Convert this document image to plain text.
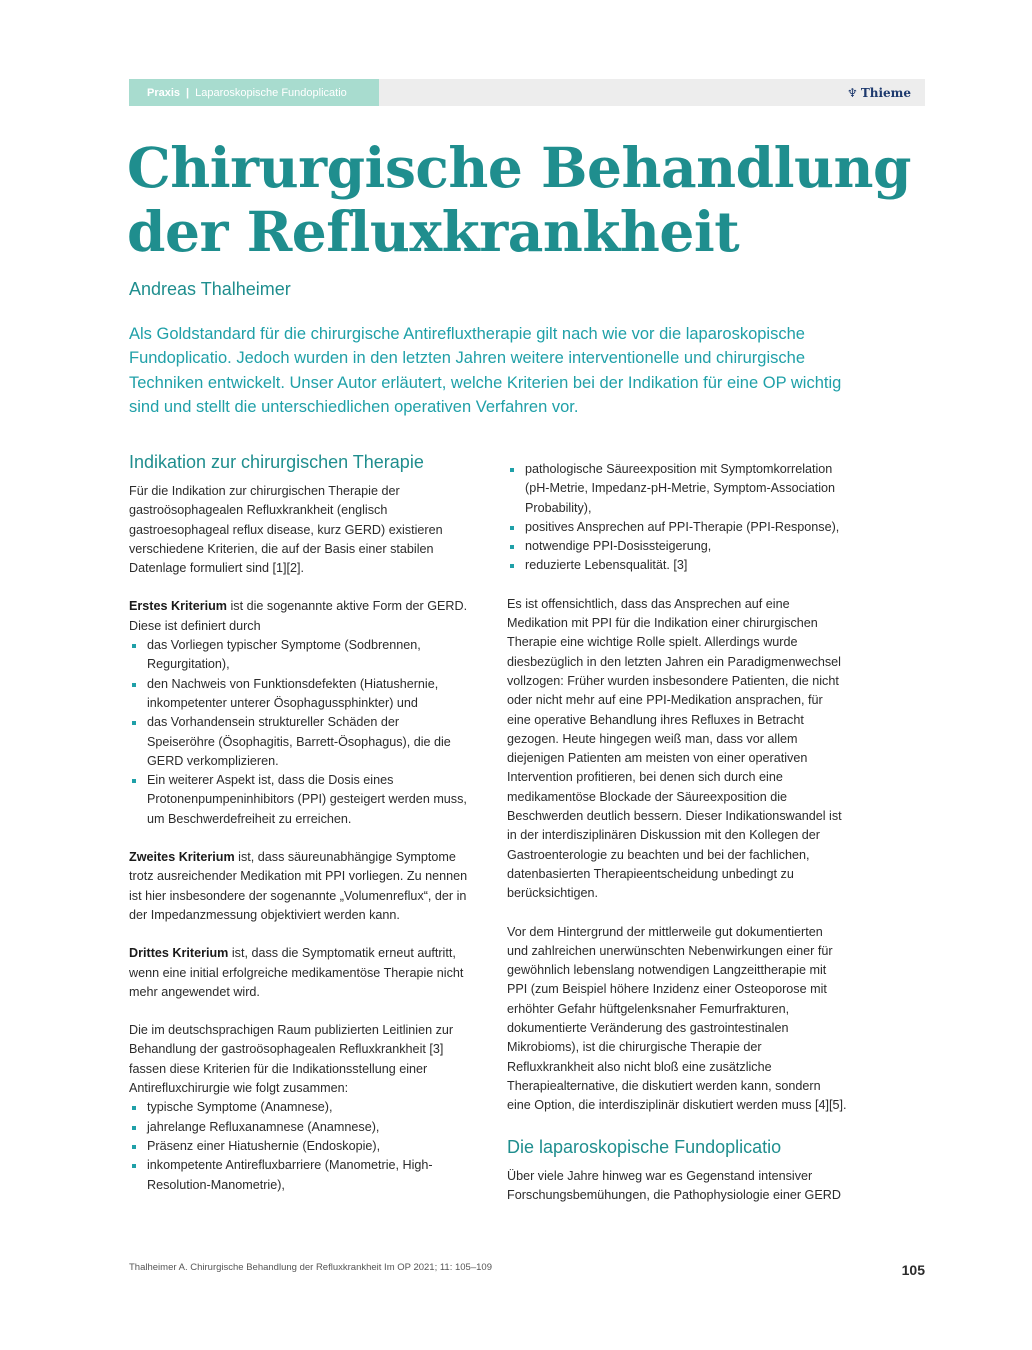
Praxis | Laparoskopische Fundoplicatio	♆ Thieme
Chirurgische Behandlung der Refluxkrankheit

Andreas Thalheimer

Als Goldstandard für die chirurgische Antirefluxtherapie gilt nach wie vor die laparoskopische Fundoplicatio. Jedoch wurden in den letzten Jahren weitere interventionelle und chirurgische Techniken entwickelt. Unser Autor erläutert, welche Kriterien bei der Indikation für eine OP wichtig sind und stellt die unterschiedlichen operativen Verfahren vor.

Indikation zur chirurgischen Therapie

Für die Indikation zur chirurgischen Therapie der gastroösophagealen Refluxkrankheit (englisch gastroesophageal reflux disease, kurz GERD) existieren verschiedene Kriterien, die auf der Basis einer stabilen Datenlage formuliert sind [1][2].

Erstes Kriterium ist die sogenannte aktive Form der GERD. Diese ist definiert durch

das Vorliegen typischer Symptome (Sodbrennen, Regurgitation),
den Nachweis von Funktionsdefekten (Hiatushernie, inkompetenter unterer Ösophagussphinkter) und
das Vorhandensein struktureller Schäden der Speiseröhre (Ösophagitis, Barrett-Ösophagus), die die GERD verkomplizieren.
Ein weiterer Aspekt ist, dass die Dosis eines Protonenpumpeninhibitors (PPI) gesteigert werden muss, um Beschwerdefreiheit zu erreichen.

Zweites Kriterium ist, dass säureunabhängige Symptome trotz ausreichender Medikation mit PPI vorliegen. Zu nennen ist hier insbesondere der sogenannte „Volumenreflux“, der in der Impedanzmessung objektiviert werden kann.

Drittes Kriterium ist, dass die Symptomatik erneut auftritt, wenn eine initial erfolgreiche medikamentöse Therapie nicht mehr angewendet wird.

Die im deutschsprachigen Raum publizierten Leitlinien zur Behandlung der gastroösophagealen Refluxkrankheit [3] fassen diese Kriterien für die Indikationsstellung einer Antirefluxchirurgie wie folgt zusammen:

typische Symptome (Anamnese),
jahrelange Refluxanamnese (Anamnese),
Präsenz einer Hiatushernie (Endoskopie),
inkompetente Antirefluxbarriere (Manometrie, High-Resolution-Manometrie),
pathologische Säureexposition mit Symptomkorrelation (pH-Metrie, Impedanz-pH-Metrie, Symptom-Association Probability),
positives Ansprechen auf PPI-Therapie (PPI-Response),
notwendige PPI-Dosissteigerung,
reduzierte Lebensqualität. [3]

Es ist offensichtlich, dass das Ansprechen auf eine Medikation mit PPI für die Indikation einer chirurgischen Therapie eine wichtige Rolle spielt. Allerdings wurde diesbezüglich in den letzten Jahren ein Paradigmenwechsel vollzogen: Früher wurden insbesondere Patienten, die nicht oder nicht mehr auf eine PPI-Medikation ansprachen, für eine operative Behandlung ihres Refluxes in Betracht gezogen. Heute hingegen weiß man, dass vor allem diejenigen Patienten am meisten von einer operativen Intervention profitieren, bei denen sich durch eine medikamentöse Blockade der Säureexposition die Beschwerden deutlich bessern. Dieser Indikationswandel ist in der interdisziplinären Diskussion mit den Kollegen der Gastroenterologie zu beachten und bei der fachlichen, datenbasierten Therapieentscheidung unbedingt zu berücksichtigen.

Vor dem Hintergrund der mittlerweile gut dokumentierten und zahlreichen unerwünschten Nebenwirkungen einer für gewöhnlich lebenslang notwendigen Langzeittherapie mit PPI (zum Beispiel höhere Inzidenz einer Osteoporose mit erhöhter Gefahr hüftgelenksnaher Femurfrakturen, dokumentierte Veränderung des gastrointestinalen Mikrobioms), ist die chirurgische Therapie der Refluxkrankheit also nicht bloß eine zusätzliche Therapiealternative, die diskutiert werden kann, sondern eine Option, die interdisziplinär diskutiert werden muss [4][5].

Die laparoskopische Fundoplicatio

Über viele Jahre hinweg war es Gegenstand intensiver Forschungsbemühungen, die Pathophysiologie einer GERD

Thalheimer A. Chirurgische Behandlung der Refluxkrankheit Im OP 2021; 11: 105–109	105
